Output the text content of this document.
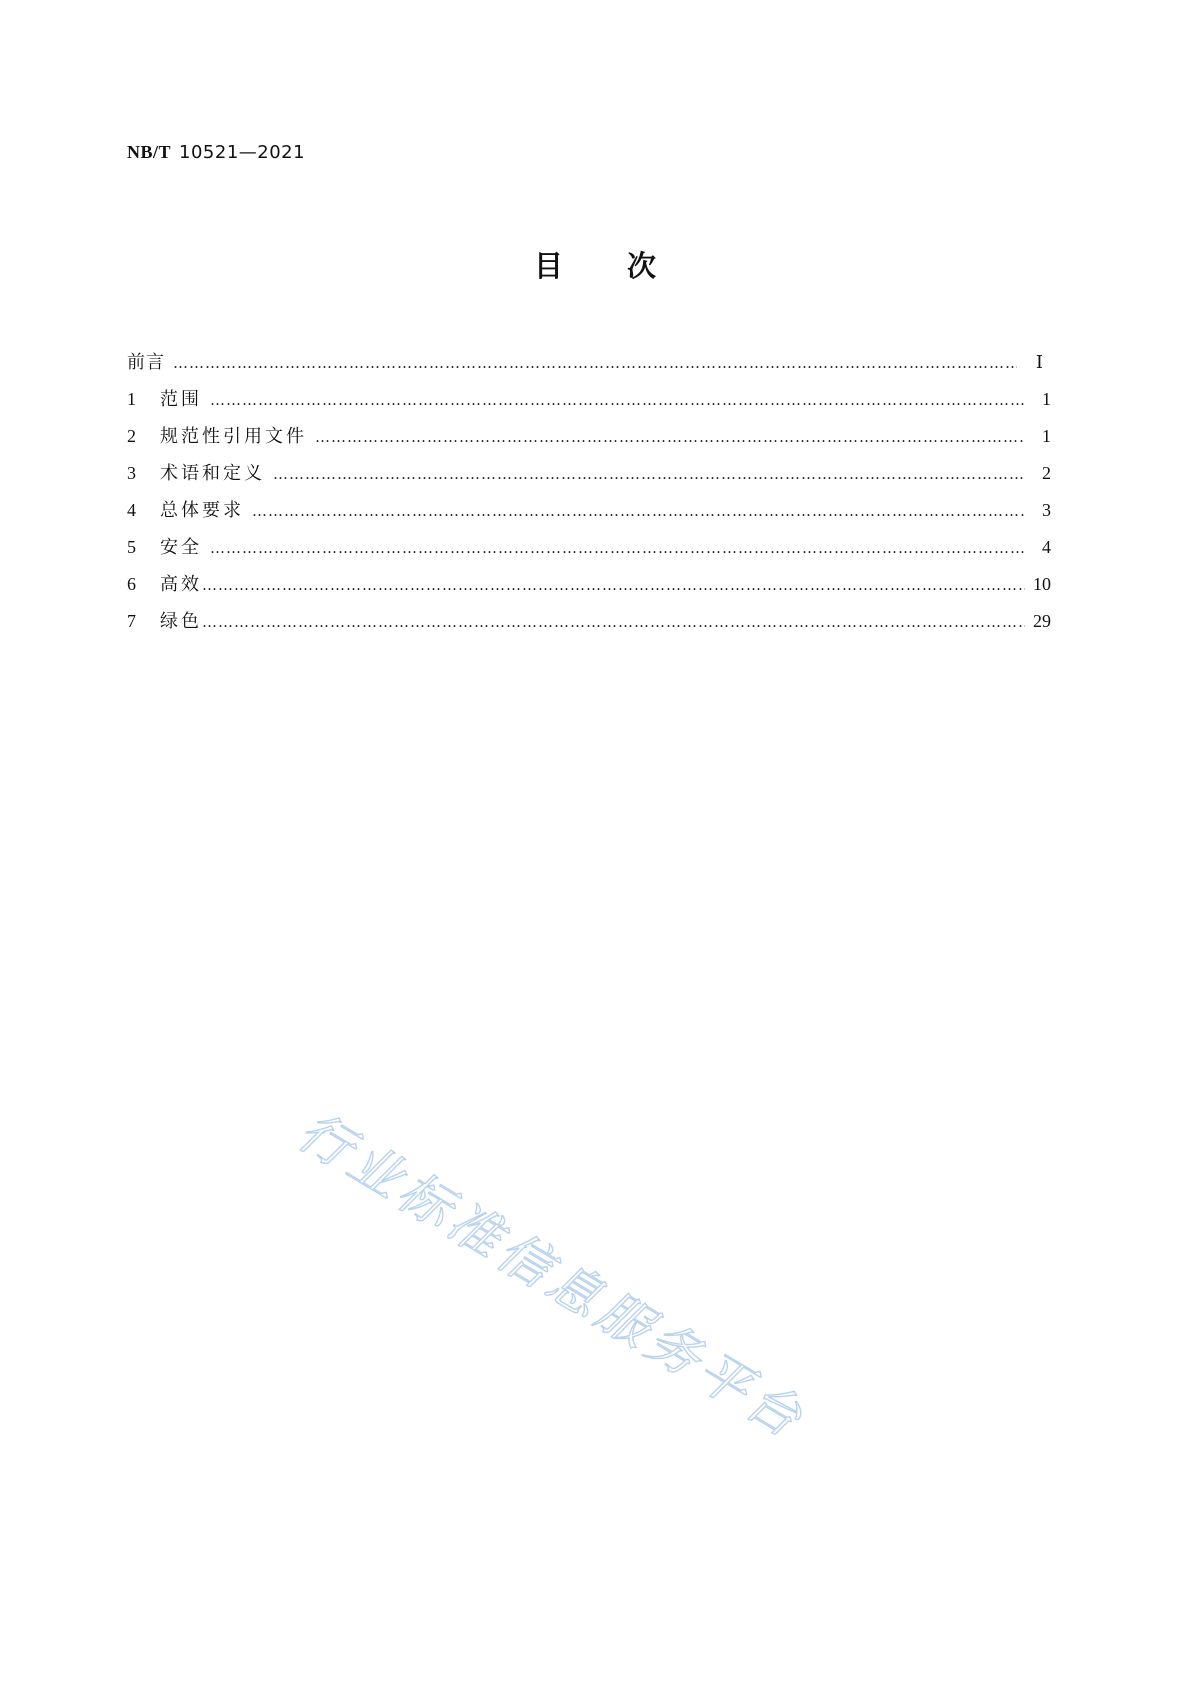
NB/T 10521—2021
目次
前言 ………………………………………………………………………………………………………………………………………………………………………………………………………………………………	Ⅰ
1	范围 ………………………………………………………………………………………………………………………………………………………………………………………………………………………………	1
2	规范性引用文件 ………………………………………………………………………………………………………………………………………………………………………………………………………………………………	1
3	术语和定义 ………………………………………………………………………………………………………………………………………………………………………………………………………………………………	2
4	总体要求 ………………………………………………………………………………………………………………………………………………………………………………………………………………………………	3
5	安全 ………………………………………………………………………………………………………………………………………………………………………………………………………………………………	4
6	高效 ………………………………………………………………………………………………………………………………………………………………………………………………………………………………	10
7	绿色 ………………………………………………………………………………………………………………………………………………………………………………………………………………………………	29
行业标准信息服务平台
